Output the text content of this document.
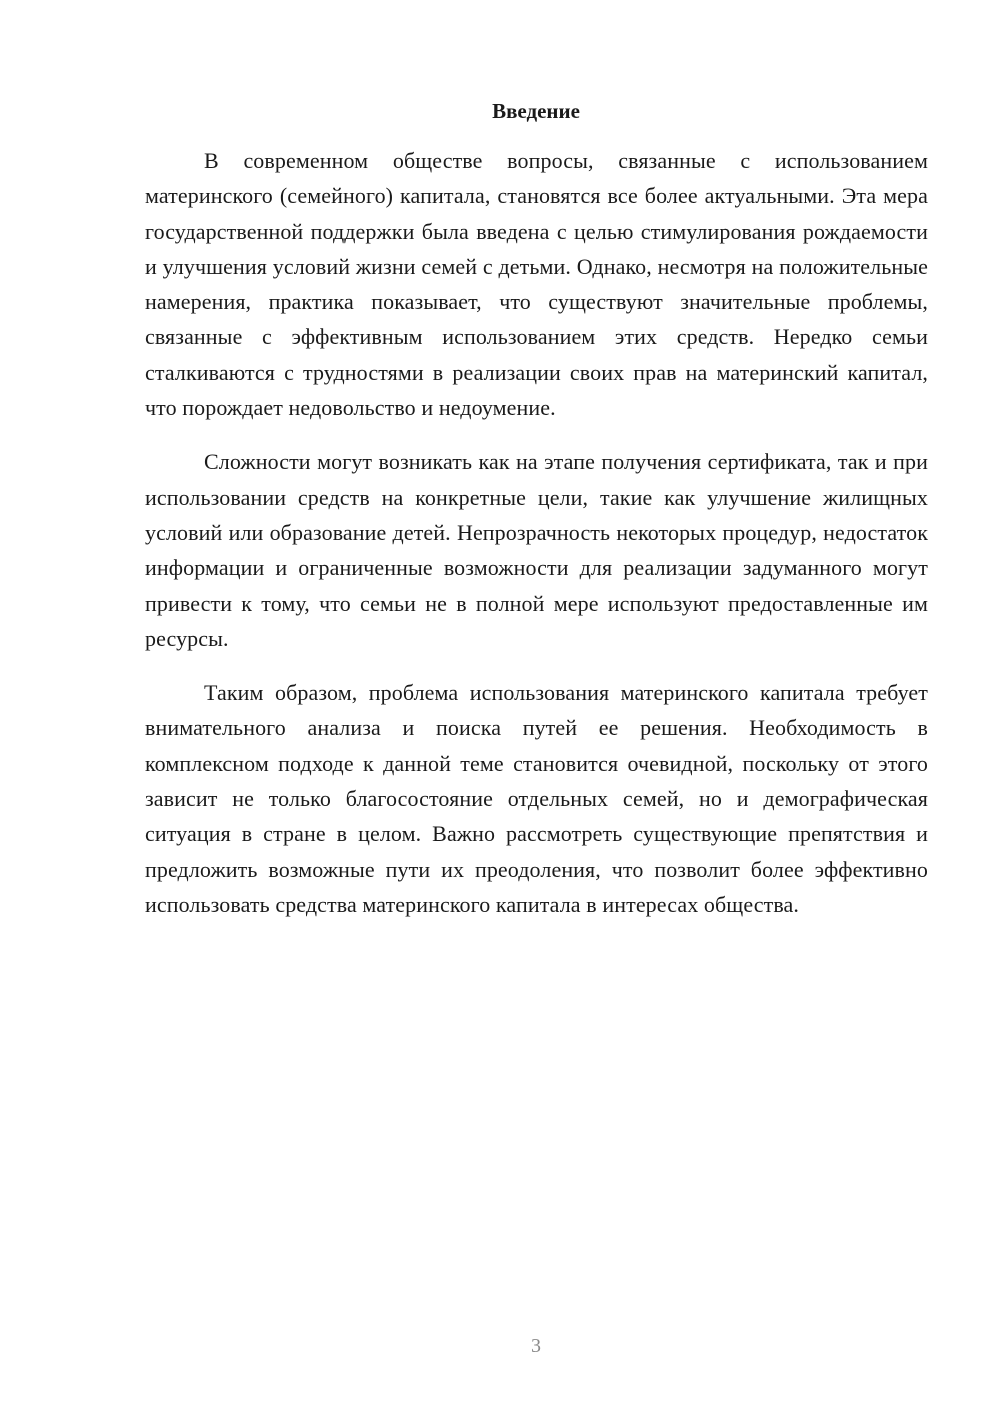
Введение

В современном обществе вопросы, связанные с использованием материнского (семейного) капитала, становятся все более актуальными. Эта мера государственной поддержки была введена с целью стимулирования рождаемости и улучшения условий жизни семей с детьми. Однако, несмотря на положительные намерения, практика показывает, что существуют значительные проблемы, связанные с эффективным использованием этих средств. Нередко семьи сталкиваются с трудностями в реализации своих прав на материнский капитал, что порождает недовольство и недоумение.

Сложности могут возникать как на этапе получения сертификата, так и при использовании средств на конкретные цели, такие как улучшение жилищных условий или образование детей. Непрозрачность некоторых процедур, недостаток информации и ограниченные возможности для реализации задуманного могут привести к тому, что семьи не в полной мере используют предоставленные им ресурсы.

Таким образом, проблема использования материнского капитала требует внимательного анализа и поиска путей ее решения. Необходимость в комплексном подходе к данной теме становится очевидной, поскольку от этого зависит не только благосостояние отдельных семей, но и демографическая ситуация в стране в целом. Важно рассмотреть существующие препятствия и предложить возможные пути их преодоления, что позволит более эффективно использовать средства материнского капитала в интересах общества.

3
